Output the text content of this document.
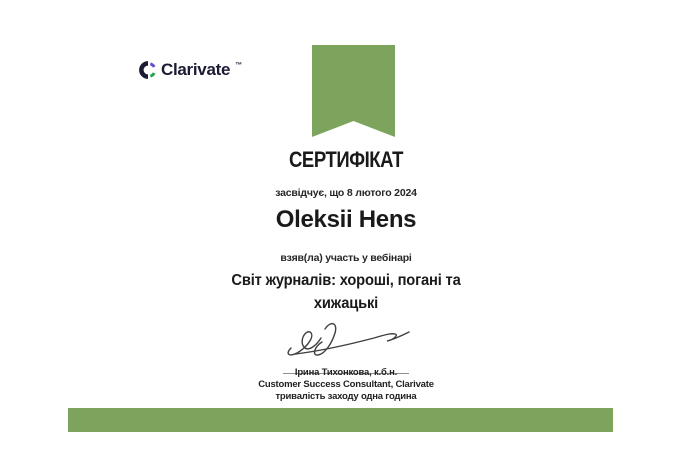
Clarivate ™
СЕРТИФІКАТ
засвідчує, що 8 лютого 2024
Oleksii Hens
взяв(ла) участь у вебінарі
Світ журналів: хороші, погані та
хижацькі
Ірина Тихонкова, к.б.н.
Customer Success Consultant, Clarivate
тривалість заходу одна година
